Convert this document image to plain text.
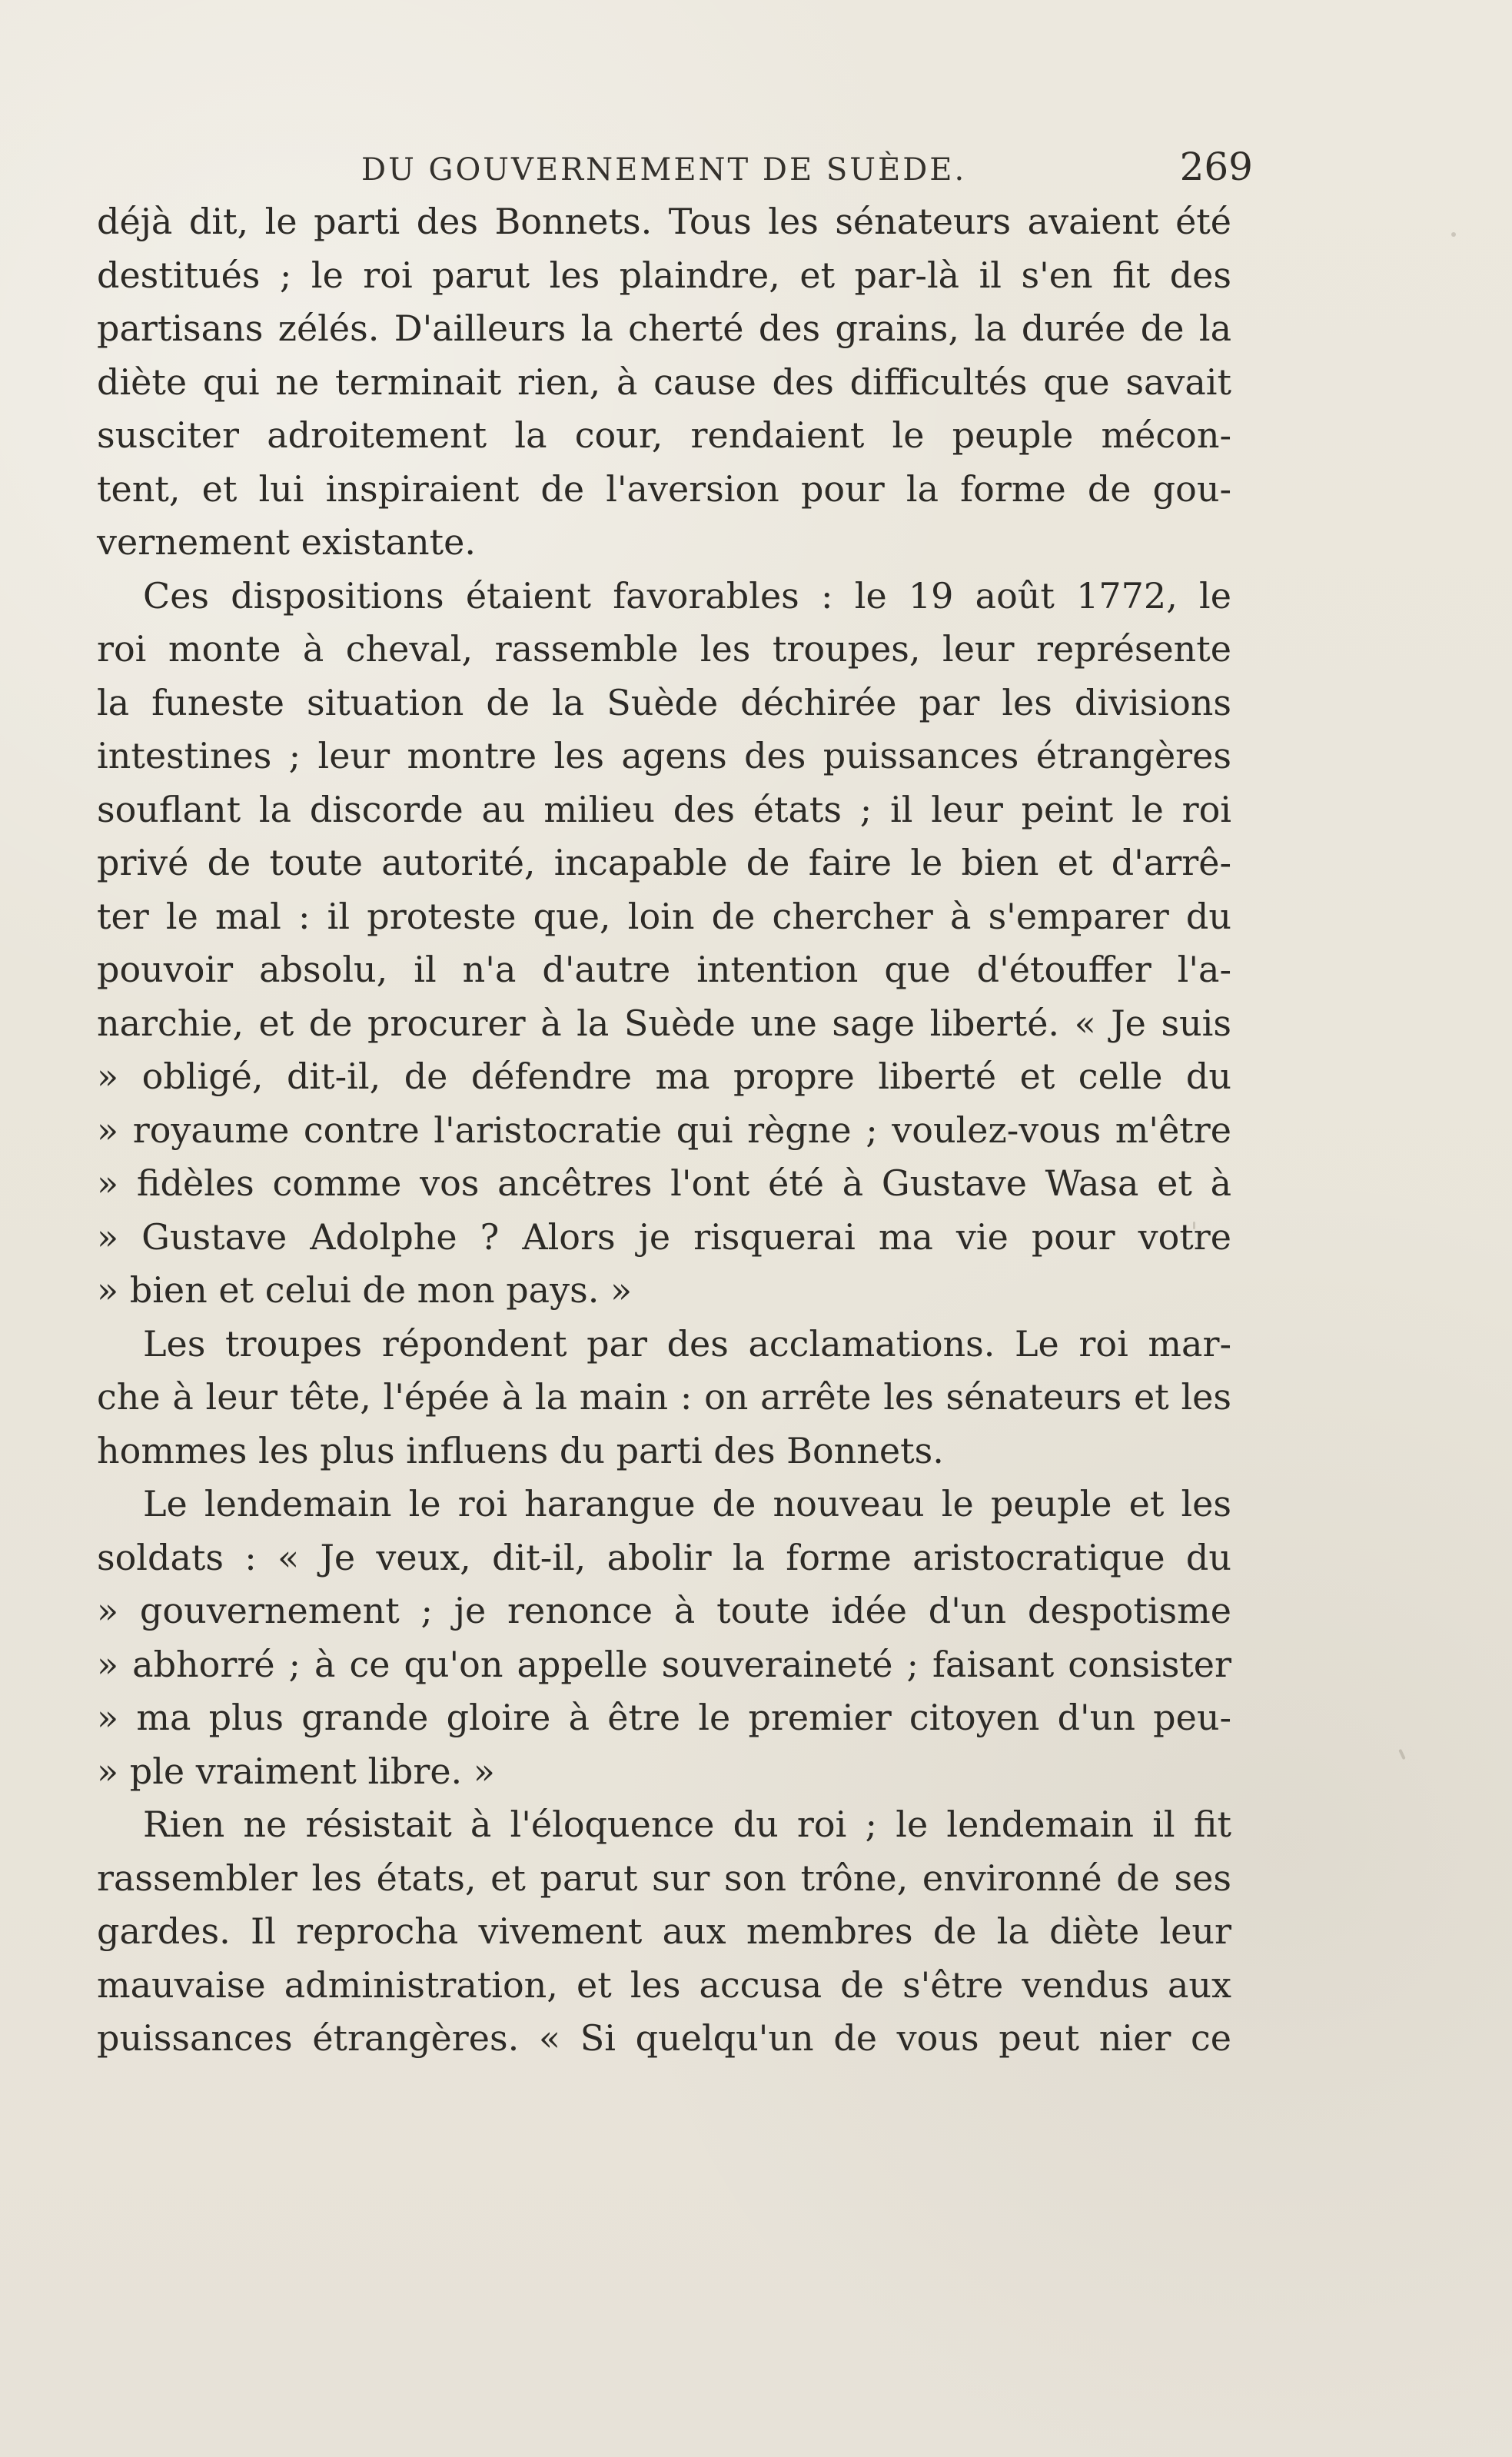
DU GOUVERNEMENT DE SUÈDE.	269
déjà dit, le parti des Bonnets. Tous les sénateurs avaient été
destitués ; le roi parut les plaindre, et par-là il s'en fit des
partisans zélés. D'ailleurs la cherté des grains, la durée de la
diète qui ne terminait rien, à cause des difficultés que savait
susciter adroitement la cour, rendaient le peuple mécon-
tent, et lui inspiraient de l'aversion pour la forme de gou-
vernement existante.
Ces dispositions étaient favorables : le 19 août 1772, le
roi monte à cheval, rassemble les troupes, leur représente
la funeste situation de la Suède déchirée par les divisions
intestines ; leur montre les agens des puissances étrangères
souflant la discorde au milieu des états ; il leur peint le roi
privé de toute autorité, incapable de faire le bien et d'arrê-
ter le mal : il proteste que, loin de chercher à s'emparer du
pouvoir absolu, il n'a d'autre intention que d'étouffer l'a-
narchie, et de procurer à la Suède une sage liberté. « Je suis
» obligé, dit-il, de défendre ma propre liberté et celle du
» royaume contre l'aristocratie qui règne ; voulez-vous m'être
» fidèles comme vos ancêtres l'ont été à Gustave Wasa et à
» Gustave Adolphe ? Alors je risquerai ma vie pour votre
» bien et celui de mon pays. »
Les troupes répondent par des acclamations. Le roi mar-
che à leur tête, l'épée à la main : on arrête les sénateurs et les
hommes les plus influens du parti des Bonnets.
Le lendemain le roi harangue de nouveau le peuple et les
soldats : « Je veux, dit-il, abolir la forme aristocratique du
» gouvernement ; je renonce à toute idée d'un despotisme
» abhorré ; à ce qu'on appelle souveraineté ; faisant consister
» ma plus grande gloire à être le premier citoyen d'un peu-
» ple vraiment libre. »
Rien ne résistait à l'éloquence du roi ; le lendemain il fit
rassembler les états, et parut sur son trône, environné de ses
gardes. Il reprocha vivement aux membres de la diète leur
mauvaise administration, et les accusa de s'être vendus aux
puissances étrangères. « Si quelqu'un de vous peut nier ce
